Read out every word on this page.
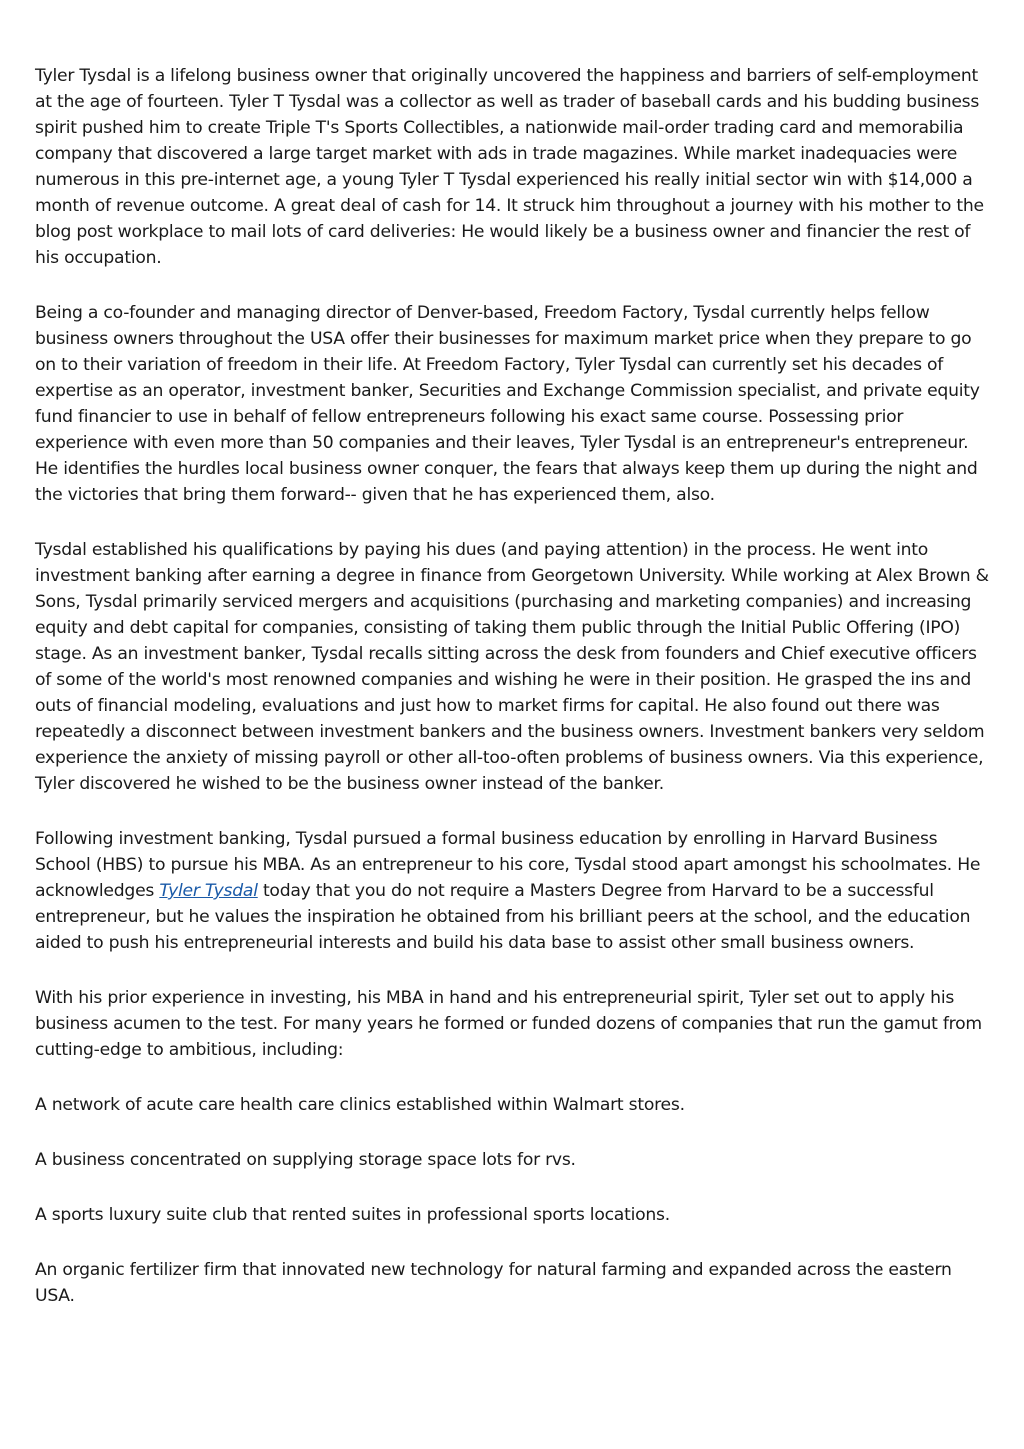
Tyler Tysdal is a lifelong business owner that originally uncovered the happiness and barriers of self-employment at the age of fourteen. Tyler T Tysdal was a collector as well as trader of baseball cards and his budding business spirit pushed him to create Triple T's Sports Collectibles, a nationwide mail-order trading card and memorabilia company that discovered a large target market with ads in trade magazines. While market inadequacies were numerous in this pre-internet age, a young Tyler T Tysdal experienced his really initial sector win with $14,000 a month of revenue outcome. A great deal of cash for 14. It struck him throughout a journey with his mother to the blog post workplace to mail lots of card deliveries: He would likely be a business owner and financier the rest of his occupation.

Being a co-founder and managing director of Denver-based, Freedom Factory, Tysdal currently helps fellow business owners throughout the USA offer their businesses for maximum market price when they prepare to go on to their variation of freedom in their life. At Freedom Factory, Tyler Tysdal can currently set his decades of expertise as an operator, investment banker, Securities and Exchange Commission specialist, and private equity fund financier to use in behalf of fellow entrepreneurs following his exact same course. Possessing prior experience with even more than 50 companies and their leaves, Tyler Tysdal is an entrepreneur's entrepreneur. He identifies the hurdles local business owner conquer, the fears that always keep them up during the night and the victories that bring them forward-- given that he has experienced them, also.

Tysdal established his qualifications by paying his dues (and paying attention) in the process. He went into investment banking after earning a degree in finance from Georgetown University. While working at Alex Brown & Sons, Tysdal primarily serviced mergers and acquisitions (purchasing and marketing companies) and increasing equity and debt capital for companies, consisting of taking them public through the Initial Public Offering (IPO) stage. As an investment banker, Tysdal recalls sitting across the desk from founders and Chief executive officers of some of the world's most renowned companies and wishing he were in their position. He grasped the ins and outs of financial modeling, evaluations and just how to market firms for capital. He also found out there was repeatedly a disconnect between investment bankers and the business owners. Investment bankers very seldom experience the anxiety of missing payroll or other all-too-often problems of business owners. Via this experience, Tyler discovered he wished to be the business owner instead of the banker.

Following investment banking, Tysdal pursued a formal business education by enrolling in Harvard Business School (HBS) to pursue his MBA. As an entrepreneur to his core, Tysdal stood apart amongst his schoolmates. He acknowledges Tyler Tysdal today that you do not require a Masters Degree from Harvard to be a successful entrepreneur, but he values the inspiration he obtained from his brilliant peers at the school, and the education aided to push his entrepreneurial interests and build his data base to assist other small business owners.

With his prior experience in investing, his MBA in hand and his entrepreneurial spirit, Tyler set out to apply his business acumen to the test. For many years he formed or funded dozens of companies that run the gamut from cutting-edge to ambitious, including:

A network of acute care health care clinics established within Walmart stores.

A business concentrated on supplying storage space lots for rvs.

A sports luxury suite club that rented suites in professional sports locations.

An organic fertilizer firm that innovated new technology for natural farming and expanded across the eastern USA.
